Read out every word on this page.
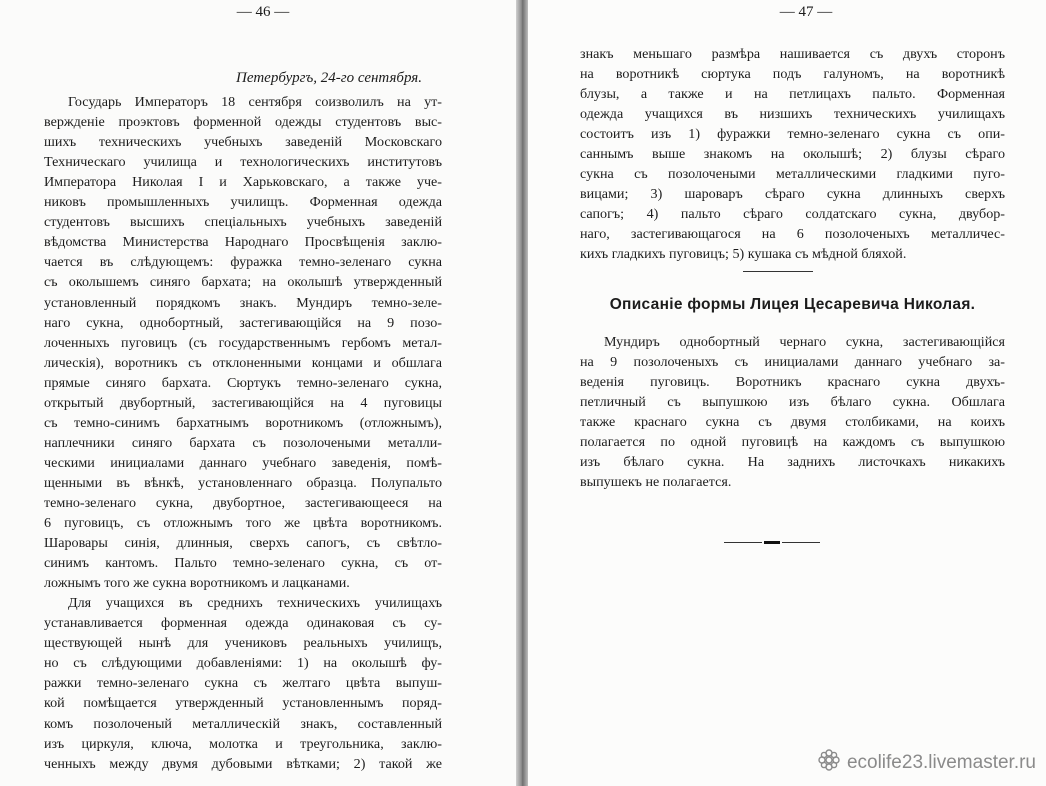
— 46 —
Петербургъ, 24-го сентября.
Государь Императоръ 18 сентября соизволилъ на ут-
вержденіе проэктовъ форменной одежды студентовъ выс-
шихъ техническихъ учебныхъ заведеній Московскаго
Техническаго училища и технологическихъ институтовъ
Императора Николая I и Харьковскаго, а также уче-
никовъ промышленныхъ училищъ. Форменная одежда
студентовъ высшихъ спеціальныхъ учебныхъ заведеній
вѣдомства Министерства Народнаго Просвѣщенія заклю-
чается въ слѣдующемъ: фуражка темно-зеленаго сукна
съ околышемъ синяго бархата; на околышѣ утвержденный
установленный порядкомъ знакъ. Мундиръ темно-зеле-
наго сукна, однобортный, застегивающійся на 9 позо-
лоченныхъ пуговицъ (съ государственнымъ гербомъ метал-
лическія), воротникъ съ отклоненными концами и обшлага
прямые синяго бархата. Сюртукъ темно-зеленаго сукна,
открытый двубортный, застегивающійся на 4 пуговицы
съ темно-синимъ бархатнымъ воротникомъ (отложнымъ),
наплечники синяго бархата съ позолочеными металли-
ческими инициалами даннаго учебнаго заведенія, помѣ-
щенными въ вѣнкѣ, установленнаго образца. Полупальто
темно-зеленаго сукна, двубортное, застегивающееся на
6 пуговицъ, съ отложнымъ того же цвѣта воротникомъ.
Шаровары синія, длинныя, сверхъ сапогъ, съ свѣтло-
синимъ кантомъ. Пальто темно-зеленаго сукна, съ от-
ложнымъ того же сукна воротникомъ и лацканами.
Для учащихся въ среднихъ техническихъ училищахъ
устанавливается форменная одежда одинаковая съ су-
ществующей нынѣ для учениковъ реальныхъ училищъ,
но съ слѣдующими добавленіями: 1) на околышѣ фу-
ражки темно-зеленаго сукна съ желтаго цвѣта выпуш-
кой помѣщается утвержденный установленнымъ поряд-
комъ позолоченый металлическій знакъ, составленный
изъ циркуля, ключа, молотка и треугольника, заклю-
ченныхъ между двумя дубовыми вѣтками; 2) такой же
— 47 —
знакъ меньшаго размѣра нашивается съ двухъ сторонъ
на воротникѣ сюртука подъ галуномъ, на воротникѣ
блузы, а также и на петлицахъ пальто. Форменная
одежда учащихся въ низшихъ техническихъ училищахъ
состоитъ изъ 1) фуражки темно-зеленаго сукна съ опи-
саннымъ выше знакомъ на околышѣ; 2) блузы сѣраго
сукна съ позолочеными металлическими гладкими пуго-
вицами; 3) шароваръ сѣраго сукна длинныхъ сверхъ
сапогъ; 4) пальто сѣраго солдатскаго сукна, двубор-
наго, застегивающагося на 6 позолоченыхъ металличес-
кихъ гладкихъ пуговицъ; 5) кушака съ мѣдной бляхой.
Описаніе формы Лицея Цесаревича Николая.
Мундиръ однобортный чернаго сукна, застегивающійся
на 9 позолоченыхъ съ инициалами даннаго учебнаго за-
веденія пуговицъ. Воротникъ краснаго сукна двухъ-
петличный съ выпушкою изъ бѣлаго сукна. Обшлага
также краснаго сукна съ двумя столбиками, на коихъ
полагается по одной пуговицѣ на каждомъ съ выпушкою
изъ бѣлаго сукна. На заднихъ листочкахъ никакихъ
выпушекъ не полагается.
ecolife23.livemaster.ru
